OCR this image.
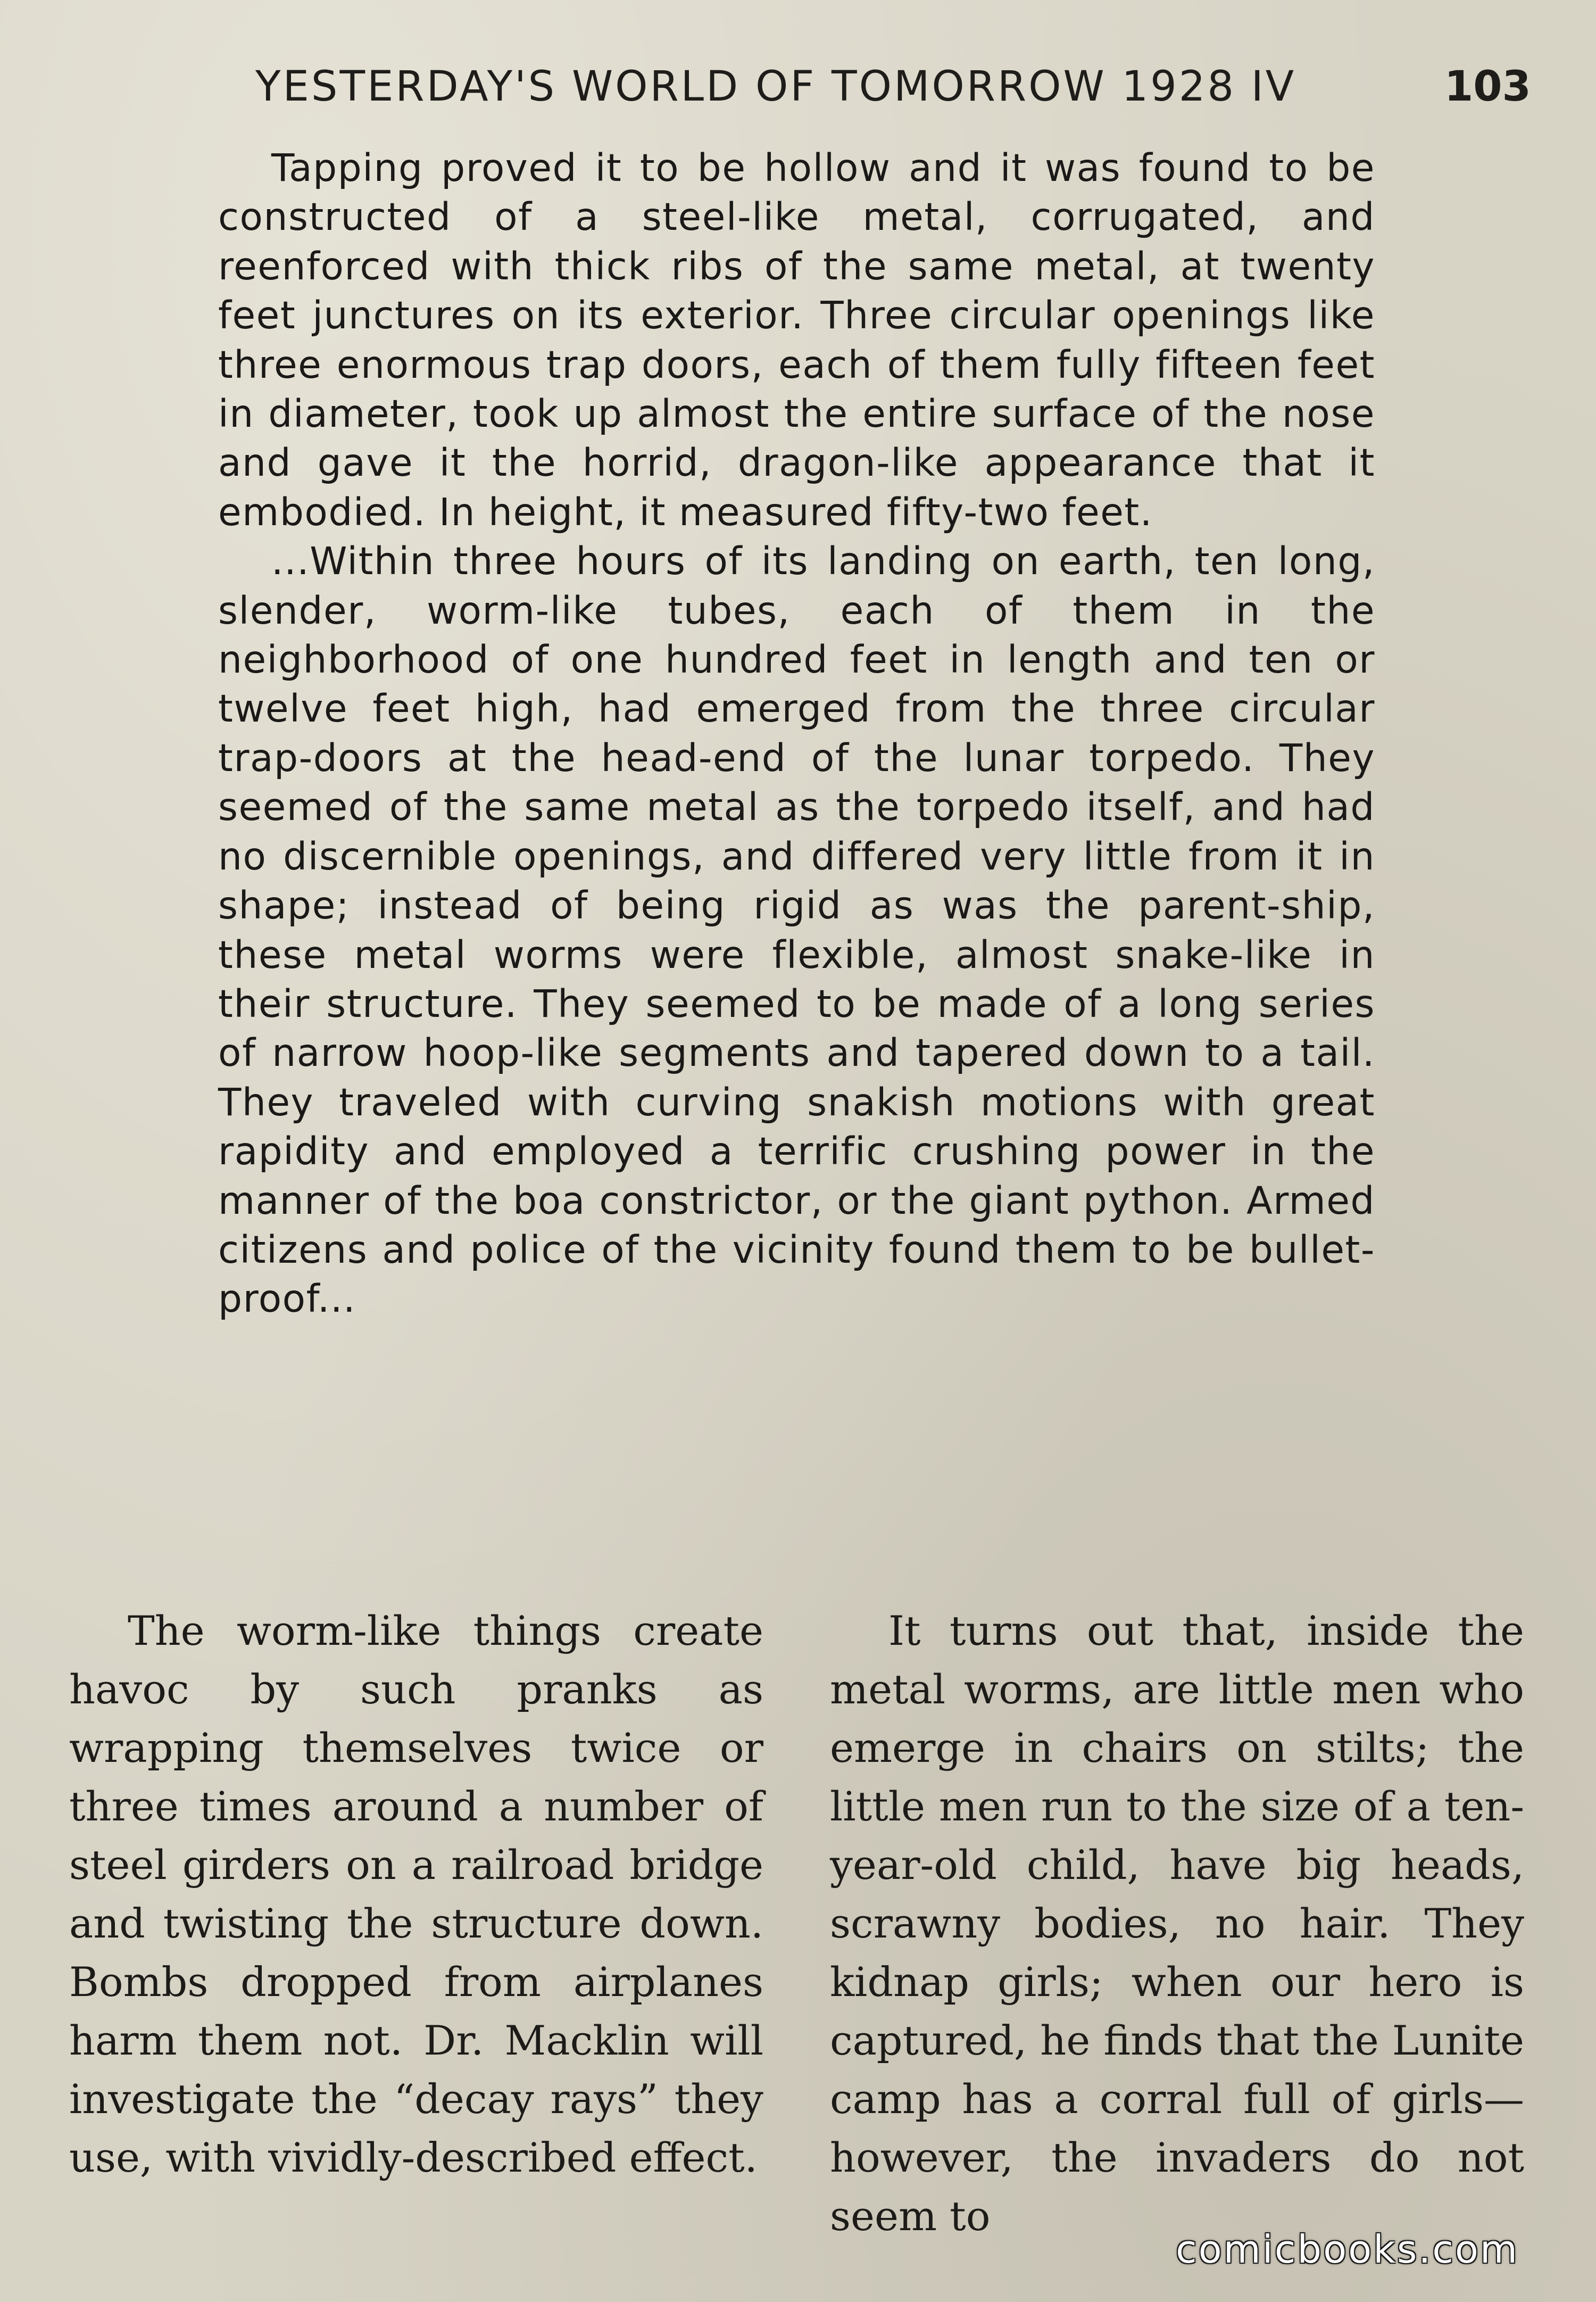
YESTERDAY'S WORLD OF TOMORROW 1928 IV	103

Tapping proved it to be hollow and it was found to be constructed of a steel-like metal, corrugated, and reenforced with thick ribs of the same metal, at twenty feet junctures on its exterior. Three circular openings like three enormous trap doors, each of them fully fifteen feet in diameter, took up almost the entire surface of the nose and gave it the horrid, dragon-like appearance that it embodied. In height, it measured fifty-two feet.

...Within three hours of its landing on earth, ten long, slender, worm-like tubes, each of them in the neighborhood of one hundred feet in length and ten or twelve feet high, had emerged from the three circular trap-doors at the head-end of the lunar torpedo. They seemed of the same metal as the torpedo itself, and had no discernible openings, and differed very little from it in shape; instead of being rigid as was the parent-ship, these metal worms were flexible, almost snake-like in their structure. They seemed to be made of a long series of narrow hoop-like segments and tapered down to a tail. They traveled with curving snakish motions with great rapidity and employed a terrific crushing power in the manner of the boa constrictor, or the giant python. Armed citizens and police of the vicinity found them to be bullet-proof...

The worm-like things create havoc by such pranks as wrapping themselves twice or three times around a number of steel girders on a railroad bridge and twisting the structure down. Bombs dropped from airplanes harm them not. Dr. Macklin will investigate the “decay rays” they use, with vividly-described effect.

It turns out that, inside the metal worms, are little men who emerge in chairs on stilts; the little men run to the size of a ten-year-old child, have big heads, scrawny bodies, no hair. They kidnap girls; when our hero is captured, he finds that the Lunite camp has a corral full of girls—however, the invaders do not seem to

comicbooks.com
